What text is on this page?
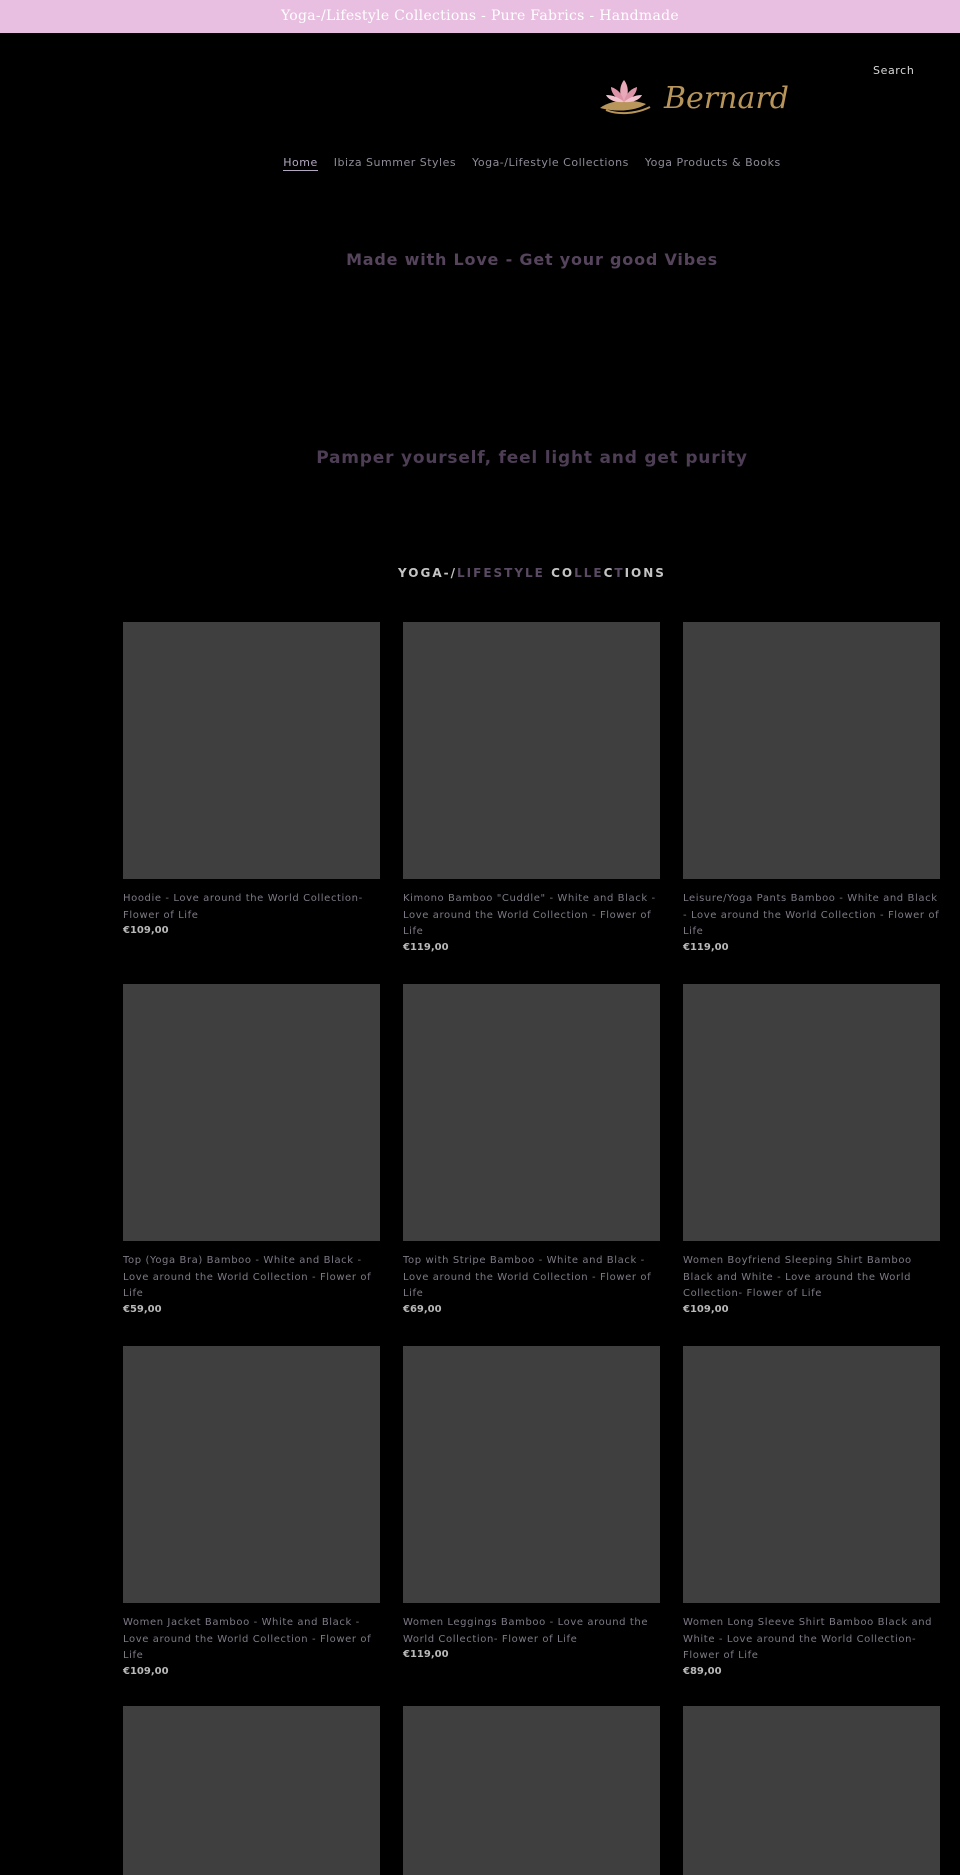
Yoga-/Lifestyle Collections - Pure Fabrics - Handmade
Search
Bernardi
Home Ibiza Summer Styles Yoga-/Lifestyle Collections Yoga Products & Books
Made with Love - Get your good Vibes
Pamper yourself, feel light and get purity
YOGA-/LIFESTYLE COLLECTIONS
Hoodie - Love around the World Collection- Flower of Life
€109,00
Kimono Bamboo "Cuddle" - White and Black - Love around the World Collection - Flower of Life
€119,00
Leisure/Yoga Pants Bamboo - White and Black - Love around the World Collection - Flower of Life
€119,00
Top (Yoga Bra) Bamboo - White and Black - Love around the World Collection - Flower of Life
€59,00
Top with Stripe Bamboo - White and Black - Love around the World Collection - Flower of Life
€69,00
Women Boyfriend Sleeping Shirt Bamboo Black and White - Love around the World Collection- Flower of Life
€109,00
Women Jacket Bamboo - White and Black - Love around the World Collection - Flower of Life
€109,00
Women Leggings Bamboo - Love around the World Collection- Flower of Life
€119,00
Women Long Sleeve Shirt Bamboo Black and White - Love around the World Collection- Flower of Life
€89,00
